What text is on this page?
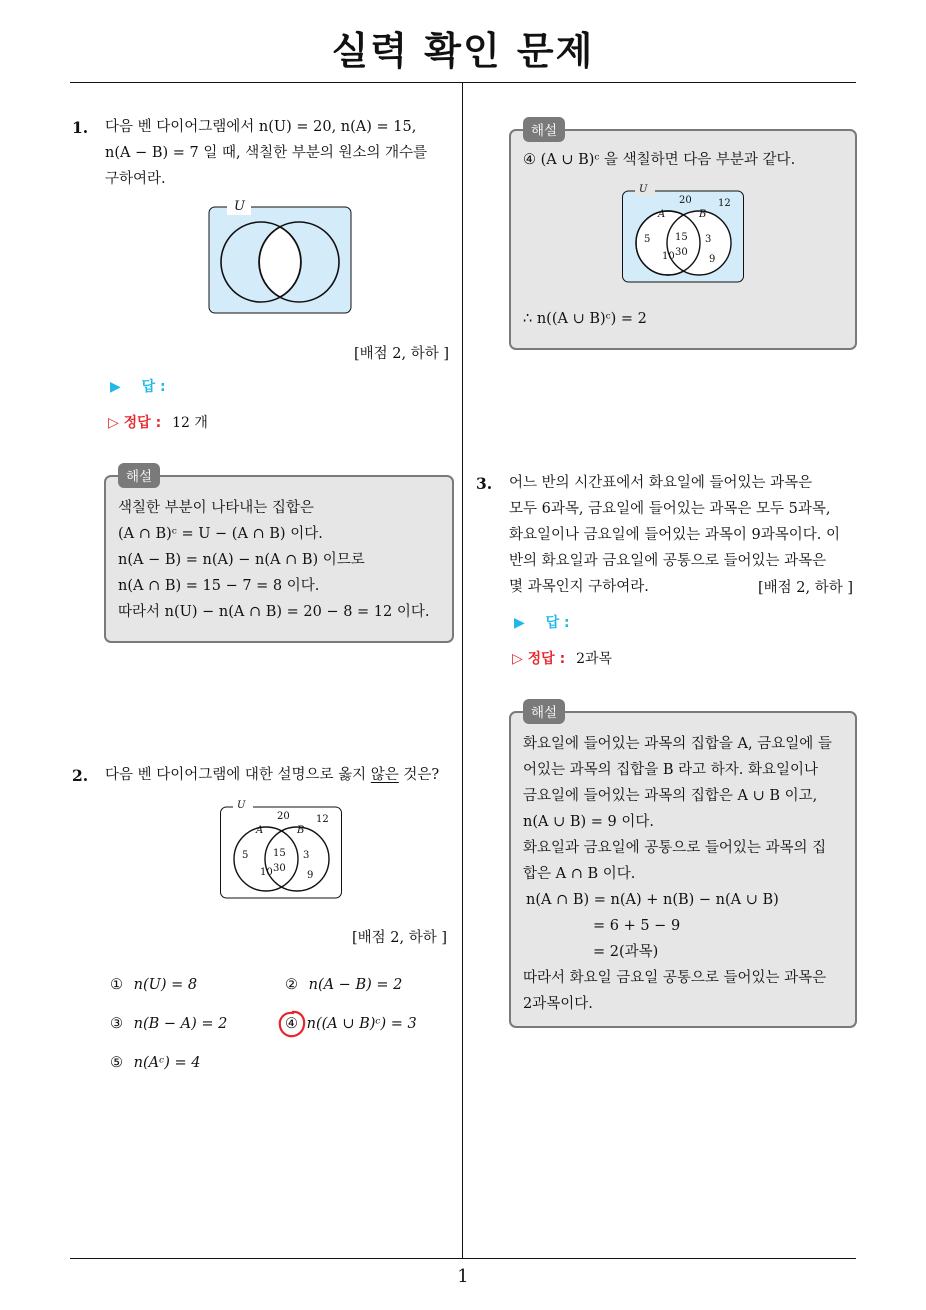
실력 확인 문제
1
1. 다음 벤 다이어그램에서 n(U) = 20, n(A) = 15,
n(A − B) = 7 일 때, 색칠한 부분의 원소의 개수를
구하여라.
U
[배점 2, 하하 ]
▶ 답 :
▷ 정답 : 12 개
색칠한 부분이 나타내는 집합은
(A ∩ B)ᶜ = U − (A ∩ B) 이다.
n(A − B) = n(A) − n(A ∩ B) 이므로
n(A ∩ B) = 15 − 7 = 8 이다.
따라서 n(U) − n(A ∩ B) = 20 − 8 = 12 이다.
해설
2. 다음 벤 다이어그램에 대한 설명으로 옳지 않은 것은?
U
20	12
A	B
5 15 3
10 30
9
[배점 2, 하하 ]
① n(U) = 8	② n(A − B) = 2
③ n(B − A) = 2	④ n((A ∪ B)ᶜ) = 3
⑤ n(Aᶜ) = 4
④ (A ∪ B)ᶜ 을 색칠하면 다음 부분과 같다.
∴ n((A ∪ B)ᶜ) = 2
해설
U
20	12
A	B
5 15 3
10 30
9
3. 어느 반의 시간표에서 화요일에 들어있는 과목은
모두 6과목, 금요일에 들어있는 과목은 모두 5과목,
화요일이나 금요일에 들어있는 과목이 9과목이다. 이
반의 화요일과 금요일에 공통으로 들어있는 과목은
몇 과목인지 구하여라.	[배점 2, 하하 ]
▶ 답 :
▷ 정답 : 2과목
화요일에 들어있는 과목의 집합을 A, 금요일에 들
어있는 과목의 집합을 B 라고 하자. 화요일이나
금요일에 들어있는 과목의 집합은 A ∪ B 이고,
n(A ∪ B) = 9 이다.
화요일과 금요일에 공통으로 들어있는 과목의 집
합은 A ∩ B 이다.
n(A ∩ B) = n(A) + n(B) − n(A ∪ B)
= 6 + 5 − 9
= 2(과목)
따라서 화요일 금요일 공통으로 들어있는 과목은
2과목이다.
해설
